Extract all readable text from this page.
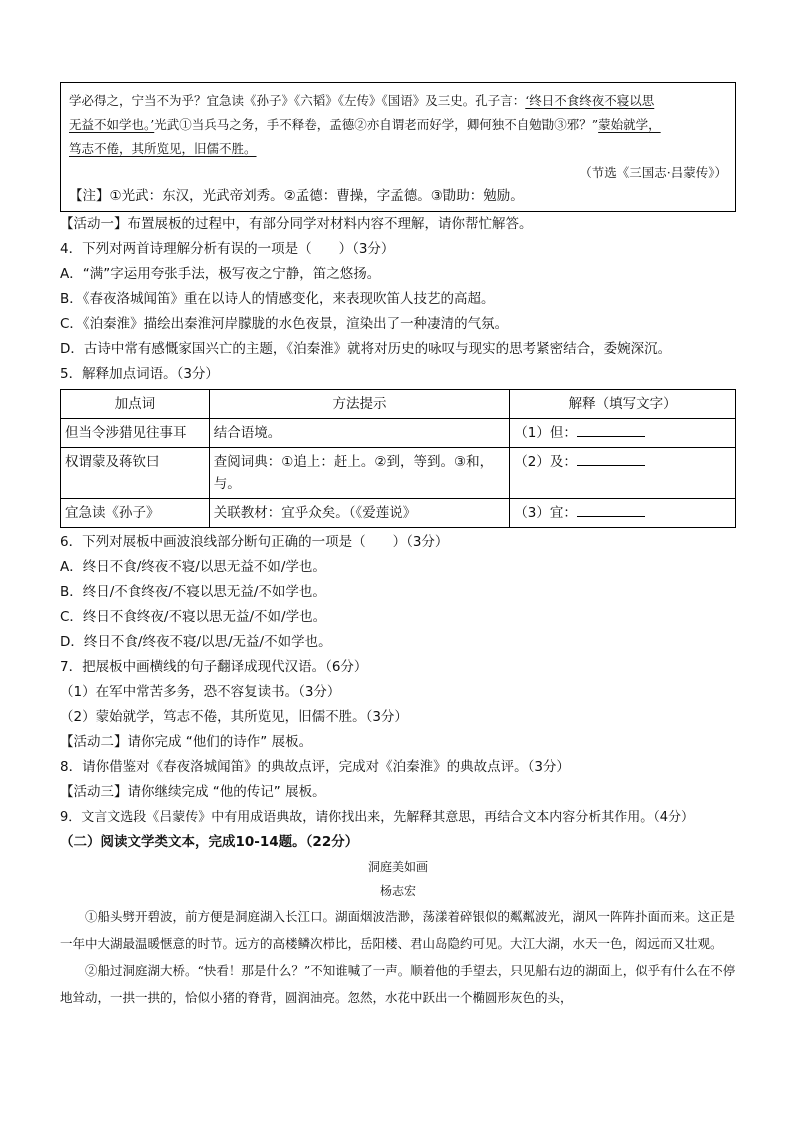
学必得之，宁当不为乎？宜急读《孙子》《六韬》《左传》《国语》及三史。孔子言：‘终日不食终夜不寝以思
无益不如学也。’光武①当兵马之务，手不释卷，孟德②亦自谓老而好学，卿何独不自勉勖③邪？”蒙始就学，
笃志不倦，其所览见，旧儒不胜。
（节选《三国志·吕蒙传》）
【注】①光武：东汉，光武帝刘秀。②孟德：曹操，字孟德。③勖助：勉励。
【活动一】布置展板的过程中，有部分同学对材料内容不理解，请你帮忙解答。
4．下列对两首诗理解分析有误的一项是（　　）（3分）
A．“满”字运用夸张手法，极写夜之宁静，笛之悠扬。
B．《春夜洛城闻笛》重在以诗人的情感变化，来表现吹笛人技艺的高超。
C．《泊秦淮》描绘出秦淮河岸朦胧的水色夜景，渲染出了一种凄清的气氛。
D．古诗中常有感慨家国兴亡的主题，《泊秦淮》就将对历史的咏叹与现实的思考紧密结合，委婉深沉。
5．解释加点词语。（3分）
加点词	方法提示	解释（填写文字）
但当令涉猎见往事耳	结合语境。	（1）但：
权谓蒙及蒋钦曰	查阅词典：①追上：赶上。②到，等到。③和，与。	（2）及：
宜急读《孙子》	关联教材：宜乎众矣。（《爱莲说》	（3）宜：
6．下列对展板中画波浪线部分断句正确的一项是（　　）（3分）
A．终日不食/终夜不寝/以思无益不如/学也。
B．终日/不食终夜/不寝以思无益/不如学也。
C．终日不食终夜/不寝以思无益/不如/学也。
D．终日不食/终夜不寝/以思/无益/不如学也。
7．把展板中画横线的句子翻译成现代汉语。（6分）
（1）在军中常苦多务，恐不容复读书。（3分）
（2）蒙始就学，笃志不倦，其所览见，旧儒不胜。（3分）
【活动二】请你完成 “他们的诗作” 展板。
8．请你借鉴对《春夜洛城闻笛》的典故点评，完成对《泊秦淮》的典故点评。（3分）
【活动三】请你继续完成 “他的传记” 展板。
9．文言文选段《吕蒙传》中有用成语典故，请你找出来，先解释其意思，再结合文本内容分析其作用。（4分）
（二）阅读文学类文本，完成10-14题。（22分）
洞庭美如画
杨志宏

①船头劈开碧波，前方便是洞庭湖入长江口。湖面烟波浩渺，荡漾着碎银似的粼粼波光，湖风一阵阵扑面而来。这正是一年中大湖最温暖惬意的时节。远方的高楼鳞次栉比，岳阳楼、君山岛隐约可见。大江大湖，水天一色，闳远而又壮观。

②船过洞庭湖大桥。“快看！那是什么？”不知谁喊了一声。顺着他的手望去，只见船右边的湖面上，似乎有什么在不停地耸动，一拱一拱的，恰似小猪的脊背，圆润油亮。忽然，水花中跃出一个椭圆形灰色的头，
